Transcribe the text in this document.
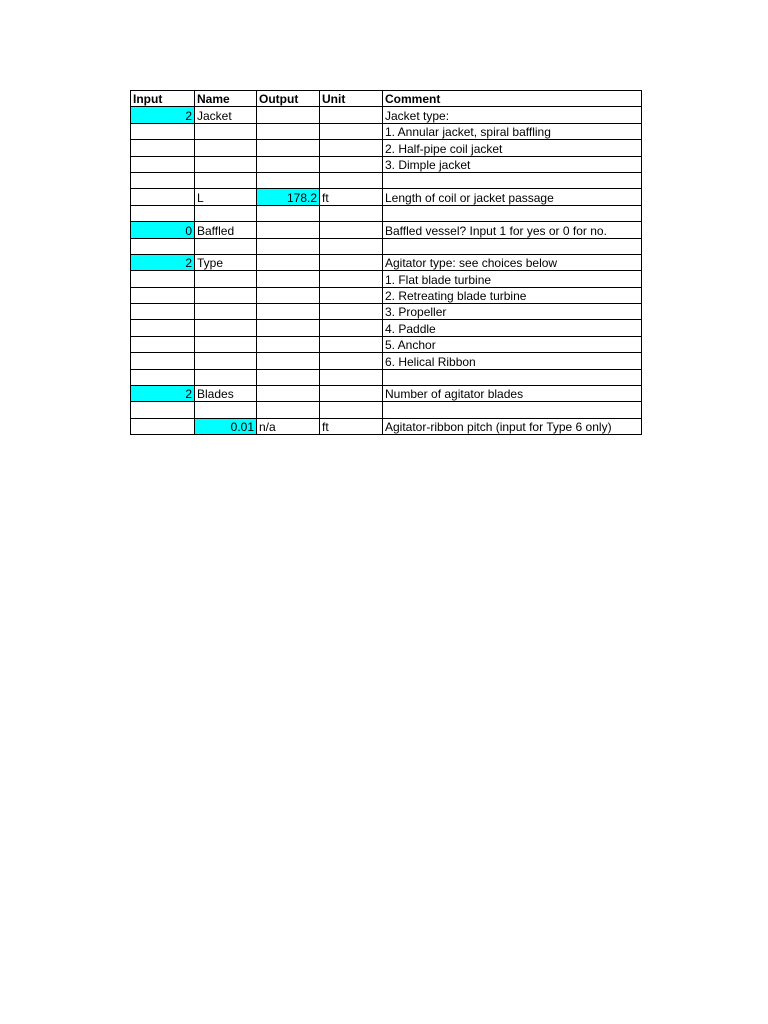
Input	Name	Output	Unit	Comment
2	Jacket			Jacket type:
				1. Annular jacket, spiral baffling
				2. Half-pipe coil jacket
				3. Dimple jacket

	L	178.2	ft	Length of coil or jacket passage

0	Baffled			Baffled vessel? Input 1 for yes or 0 for no.

2	Type			Agitator type: see choices below
				1. Flat blade turbine
				2. Retreating blade turbine
				3. Propeller
				4. Paddle
				5. Anchor
				6. Helical Ribbon

2	Blades			Number of agitator blades

	0.01	n/a	ft	Agitator-ribbon pitch (input for Type 6 only)
